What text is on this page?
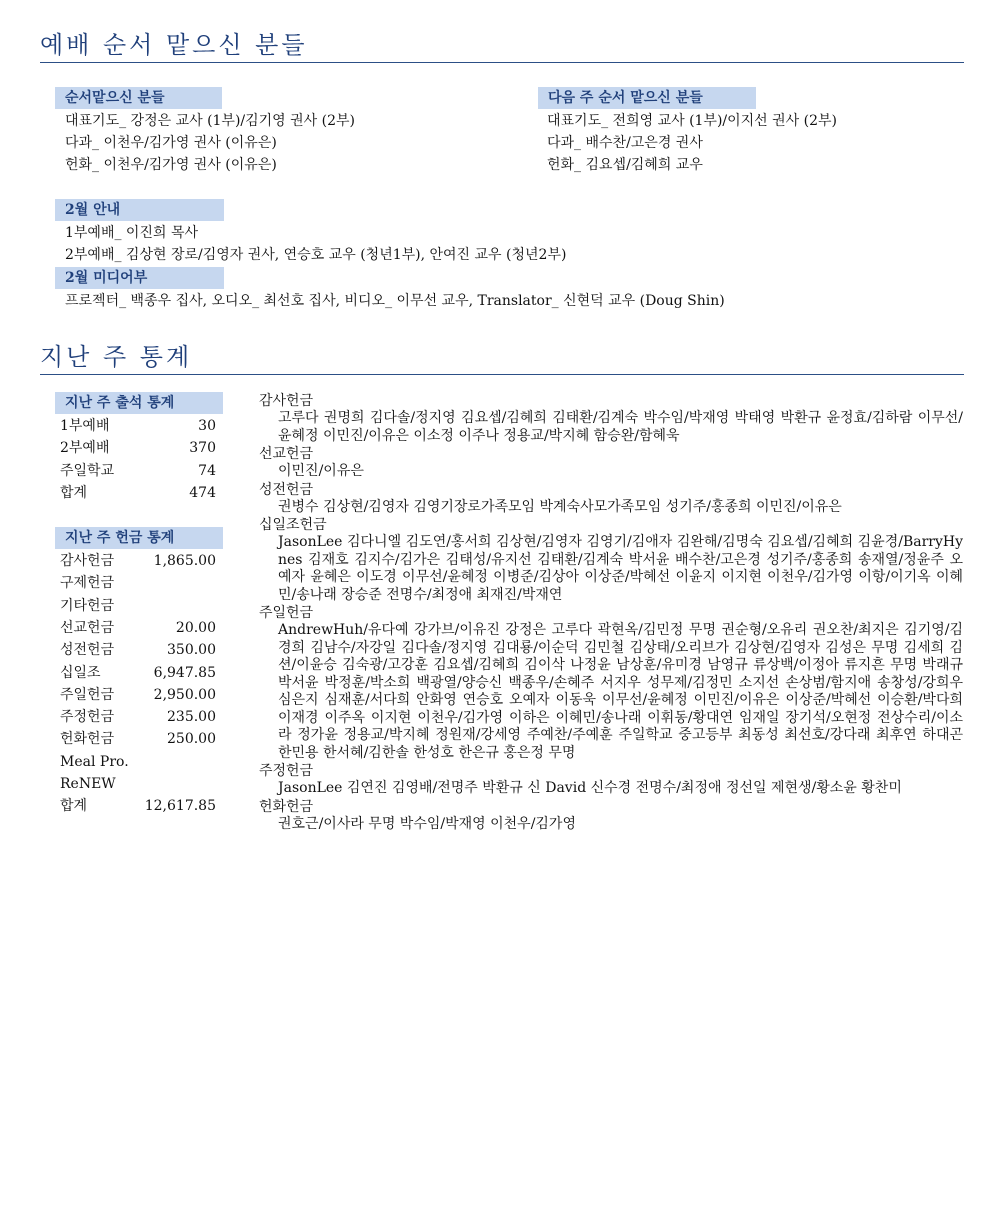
예배 순서 맡으신 분들
순서맡으신 분들
대표기도_ 강정은 교사 (1부)/김기영 권사 (2부)
다과_ 이천우/김가영 권사 (이유은)
헌화_ 이천우/김가영 권사 (이유은)
다음 주 순서 맡으신 분들
대표기도_ 전희영 교사 (1부)/이지선 권사 (2부)
다과_ 배수찬/고은경 권사
헌화_ 김요셉/김혜희 교우
2월 안내
1부예배_ 이진희 목사
2부예배_ 김상현 장로/김영자 권사, 연승호 교우 (청년1부), 안여진 교우 (청년2부)
2월 미디어부
프로젝터_ 백종우 집사, 오디오_ 최선호 집사, 비디오_ 이무선 교우, Translator_ 신현덕 교우 (Doug Shin)
지난 주 통계
지난 주 출석 통계
1부예배	30
2부예배	370
주일학교	74
합계	474
지난 주 헌금 통계
감사헌금	1,865.00
구제헌금
기타헌금
선교헌금	20.00
성전헌금	350.00
십일조	6,947.85
주일헌금	2,950.00
주정헌금	235.00
헌화헌금	250.00
Meal Pro.
ReNEW
합계	12,617.85
감사헌금
고루다 권명희 김다솔/정지영 김요셉/김혜희 김태환/김계숙 박수임/박재영 박태영 박환규 윤정효/김하람 이무선/윤혜정 이민진/이유은 이소정 이주나 정용교/박지혜 함승완/함혜욱
선교헌금
이민진/이유은
성전헌금
권병수 김상현/김영자 김영기장로가족모임 박계숙사모가족모임 성기주/홍종희 이민진/이유은
십일조헌금
JasonLee 김다니엘 김도연/홍서희 김상현/김영자 김영기/김애자 김완해/김명숙 김요셉/김혜희 김윤경/BarryHynes 김재호 김지수/김가은 김태성/유지선 김태환/김계숙 박서윤 배수찬/고은경 성기주/홍종희 송재열/정윤주 오예자 윤혜은 이도경 이무선/윤혜정 이병준/김상아 이상준/박혜선 이윤지 이지현 이천우/김가영 이항/이기옥 이혜민/송나래 장승준 전명수/최정애 최재진/박재연
주일헌금
AndrewHuh/유다예 강가브/이유진 강정은 고루다 곽현옥/김민정 무명 권순형/오유리 권오찬/최지은 김기영/김경희 김남수/자강일 김다솔/정지영 김대룡/이순덕 김민철 김상태/오리브가 김상현/김영자 김성은 무명 김세희 김션/이윤승 김숙광/고강훈 김요셉/김혜희 김이삭 나정윤 남상훈/유미경 남영규 류상백/이정아 류지흔 무명 박래규 박서윤 박정훈/박소희 백광열/양승신 백종우/손혜주 서지우 성무제/김정민 소지선 손상범/함지애 송창성/강희우 심은지 심재훈/서다희 안화영 연승호 오예자 이동욱 이무선/윤혜정 이민진/이유은 이상준/박혜선 이승환/박다희 이재경 이주옥 이지현 이천우/김가영 이하은 이혜민/송나래 이휘동/황대연 임재일 장기석/오현정 전상수리/이소라 정가윤 정용교/박지혜 정원재/강세영 주예찬/주예훈 주일학교 중고등부 최동성 최선호/강다래 최후연 하대곤 한민용 한서혜/김한솔 한성호 한은규 홍은정 무명
주정헌금
JasonLee 김연진 김영배/전명주 박환규 신 David 신수경 전명수/최정애 정선일 제현생/황소윤 황찬미
헌화헌금
권호근/이사라 무명 박수임/박재영 이천우/김가영
